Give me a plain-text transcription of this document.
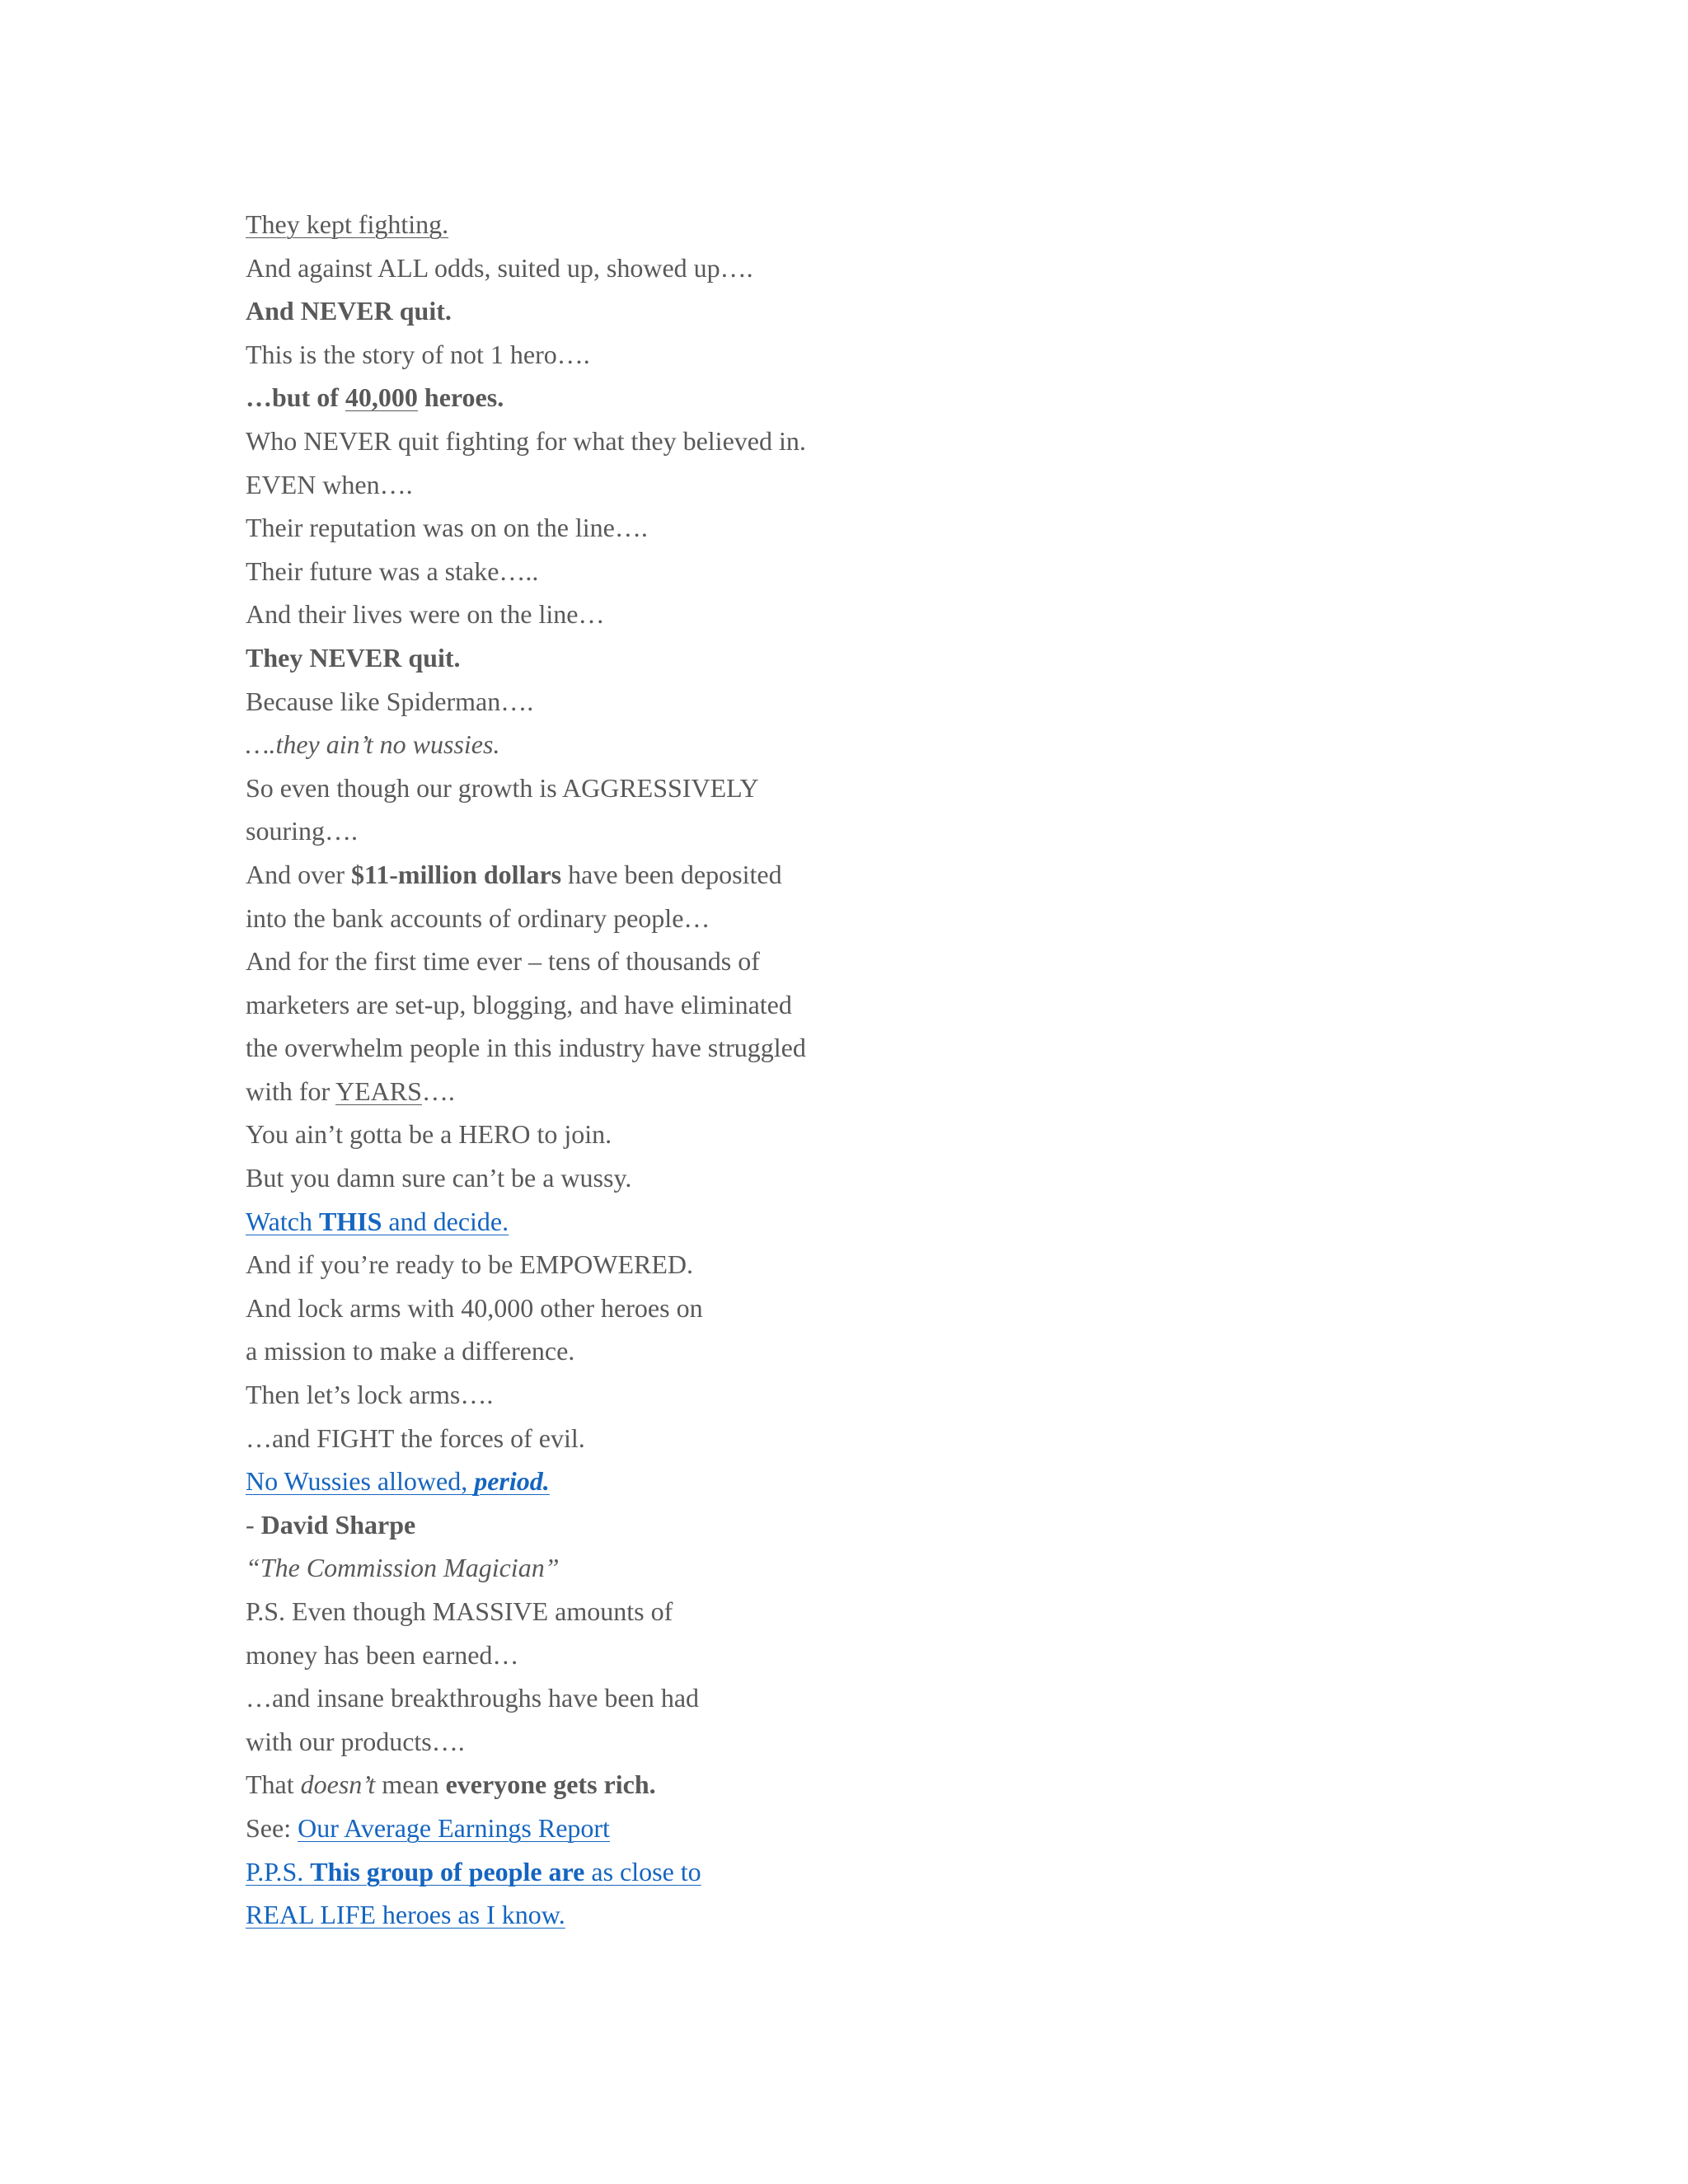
They kept fighting.
And against ALL odds, suited up, showed up….
And NEVER quit.
This is the story of not 1 hero….
…but of 40,000 heroes.
Who NEVER quit fighting for what they believed in.
EVEN when….
Their reputation was on on the line….
Their future was a stake…..
And their lives were on the line…
They NEVER quit.
Because like Spiderman….
….they ain’t no wussies.
So even though our growth is AGGRESSIVELY
souring….
And over $11-million dollars have been deposited
into the bank accounts of ordinary people…
And for the first time ever – tens of thousands of
marketers are set-up, blogging, and have eliminated
the overwhelm people in this industry have struggled
with for YEARS….
You ain’t gotta be a HERO to join.
But you damn sure can’t be a wussy.
Watch THIS and decide.
And if you’re ready to be EMPOWERED.
And lock arms with 40,000 other heroes on
a mission to make a difference.
Then let’s lock arms….
…and FIGHT the forces of evil.
No Wussies allowed, period.
- David Sharpe
“The Commission Magician”
P.S. Even though MASSIVE amounts of
money has been earned…
…and insane breakthroughs have been had
with our products….
That doesn’t mean everyone gets rich.
See: Our Average Earnings Report
P.P.S. This group of people are as close to
REAL LIFE heroes as I know.
